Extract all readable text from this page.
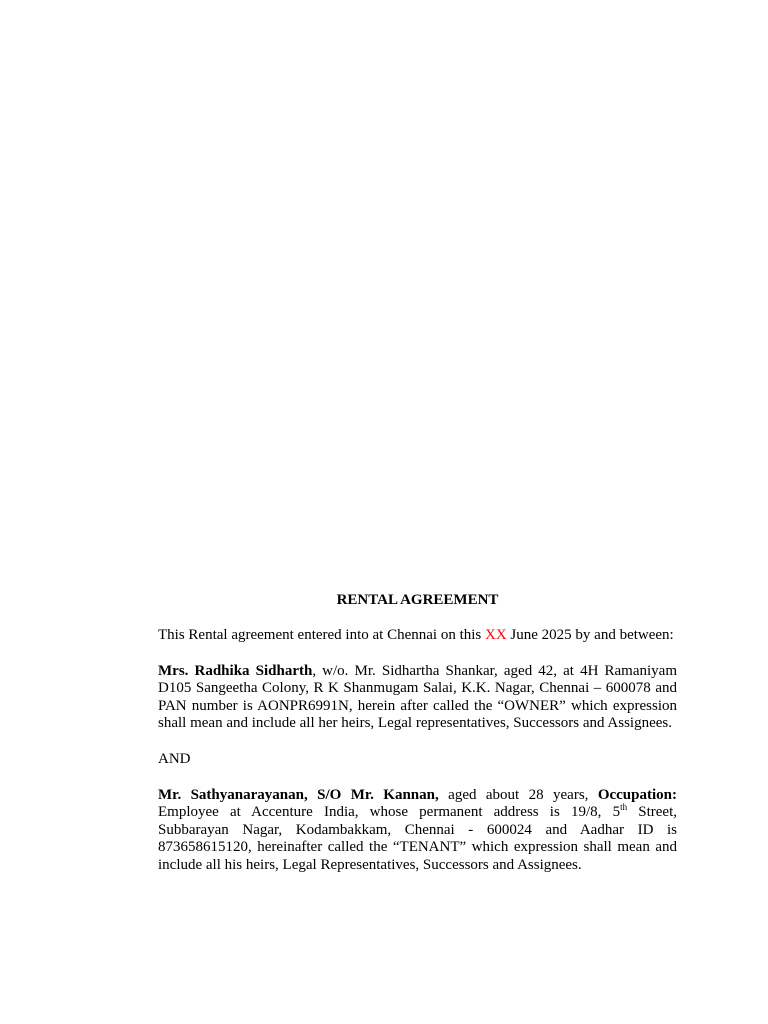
RENTAL AGREEMENT

This Rental agreement entered into at Chennai on this XX June 2025 by and between:

Mrs. Radhika Sidharth, w/o. Mr. Sidhartha Shankar, aged 42, at 4H Ramaniyam D105 Sangeetha Colony, R K Shanmugam Salai, K.K. Nagar, Chennai – 600078 and PAN number is AONPR6991N, herein after called the “OWNER” which expression shall mean and include all her heirs, Legal representatives, Successors and Assignees.

AND

Mr. Sathyanarayanan, S/O Mr. Kannan, aged about 28 years, Occupation: Employee at Accenture India, whose permanent address is 19/8, 5th Street, Subbarayan Nagar, Kodambakkam, Chennai - 600024 and Aadhar ID is 873658615120, hereinafter called the “TENANT” which expression shall mean and include all his heirs, Legal Representatives, Successors and Assignees.
